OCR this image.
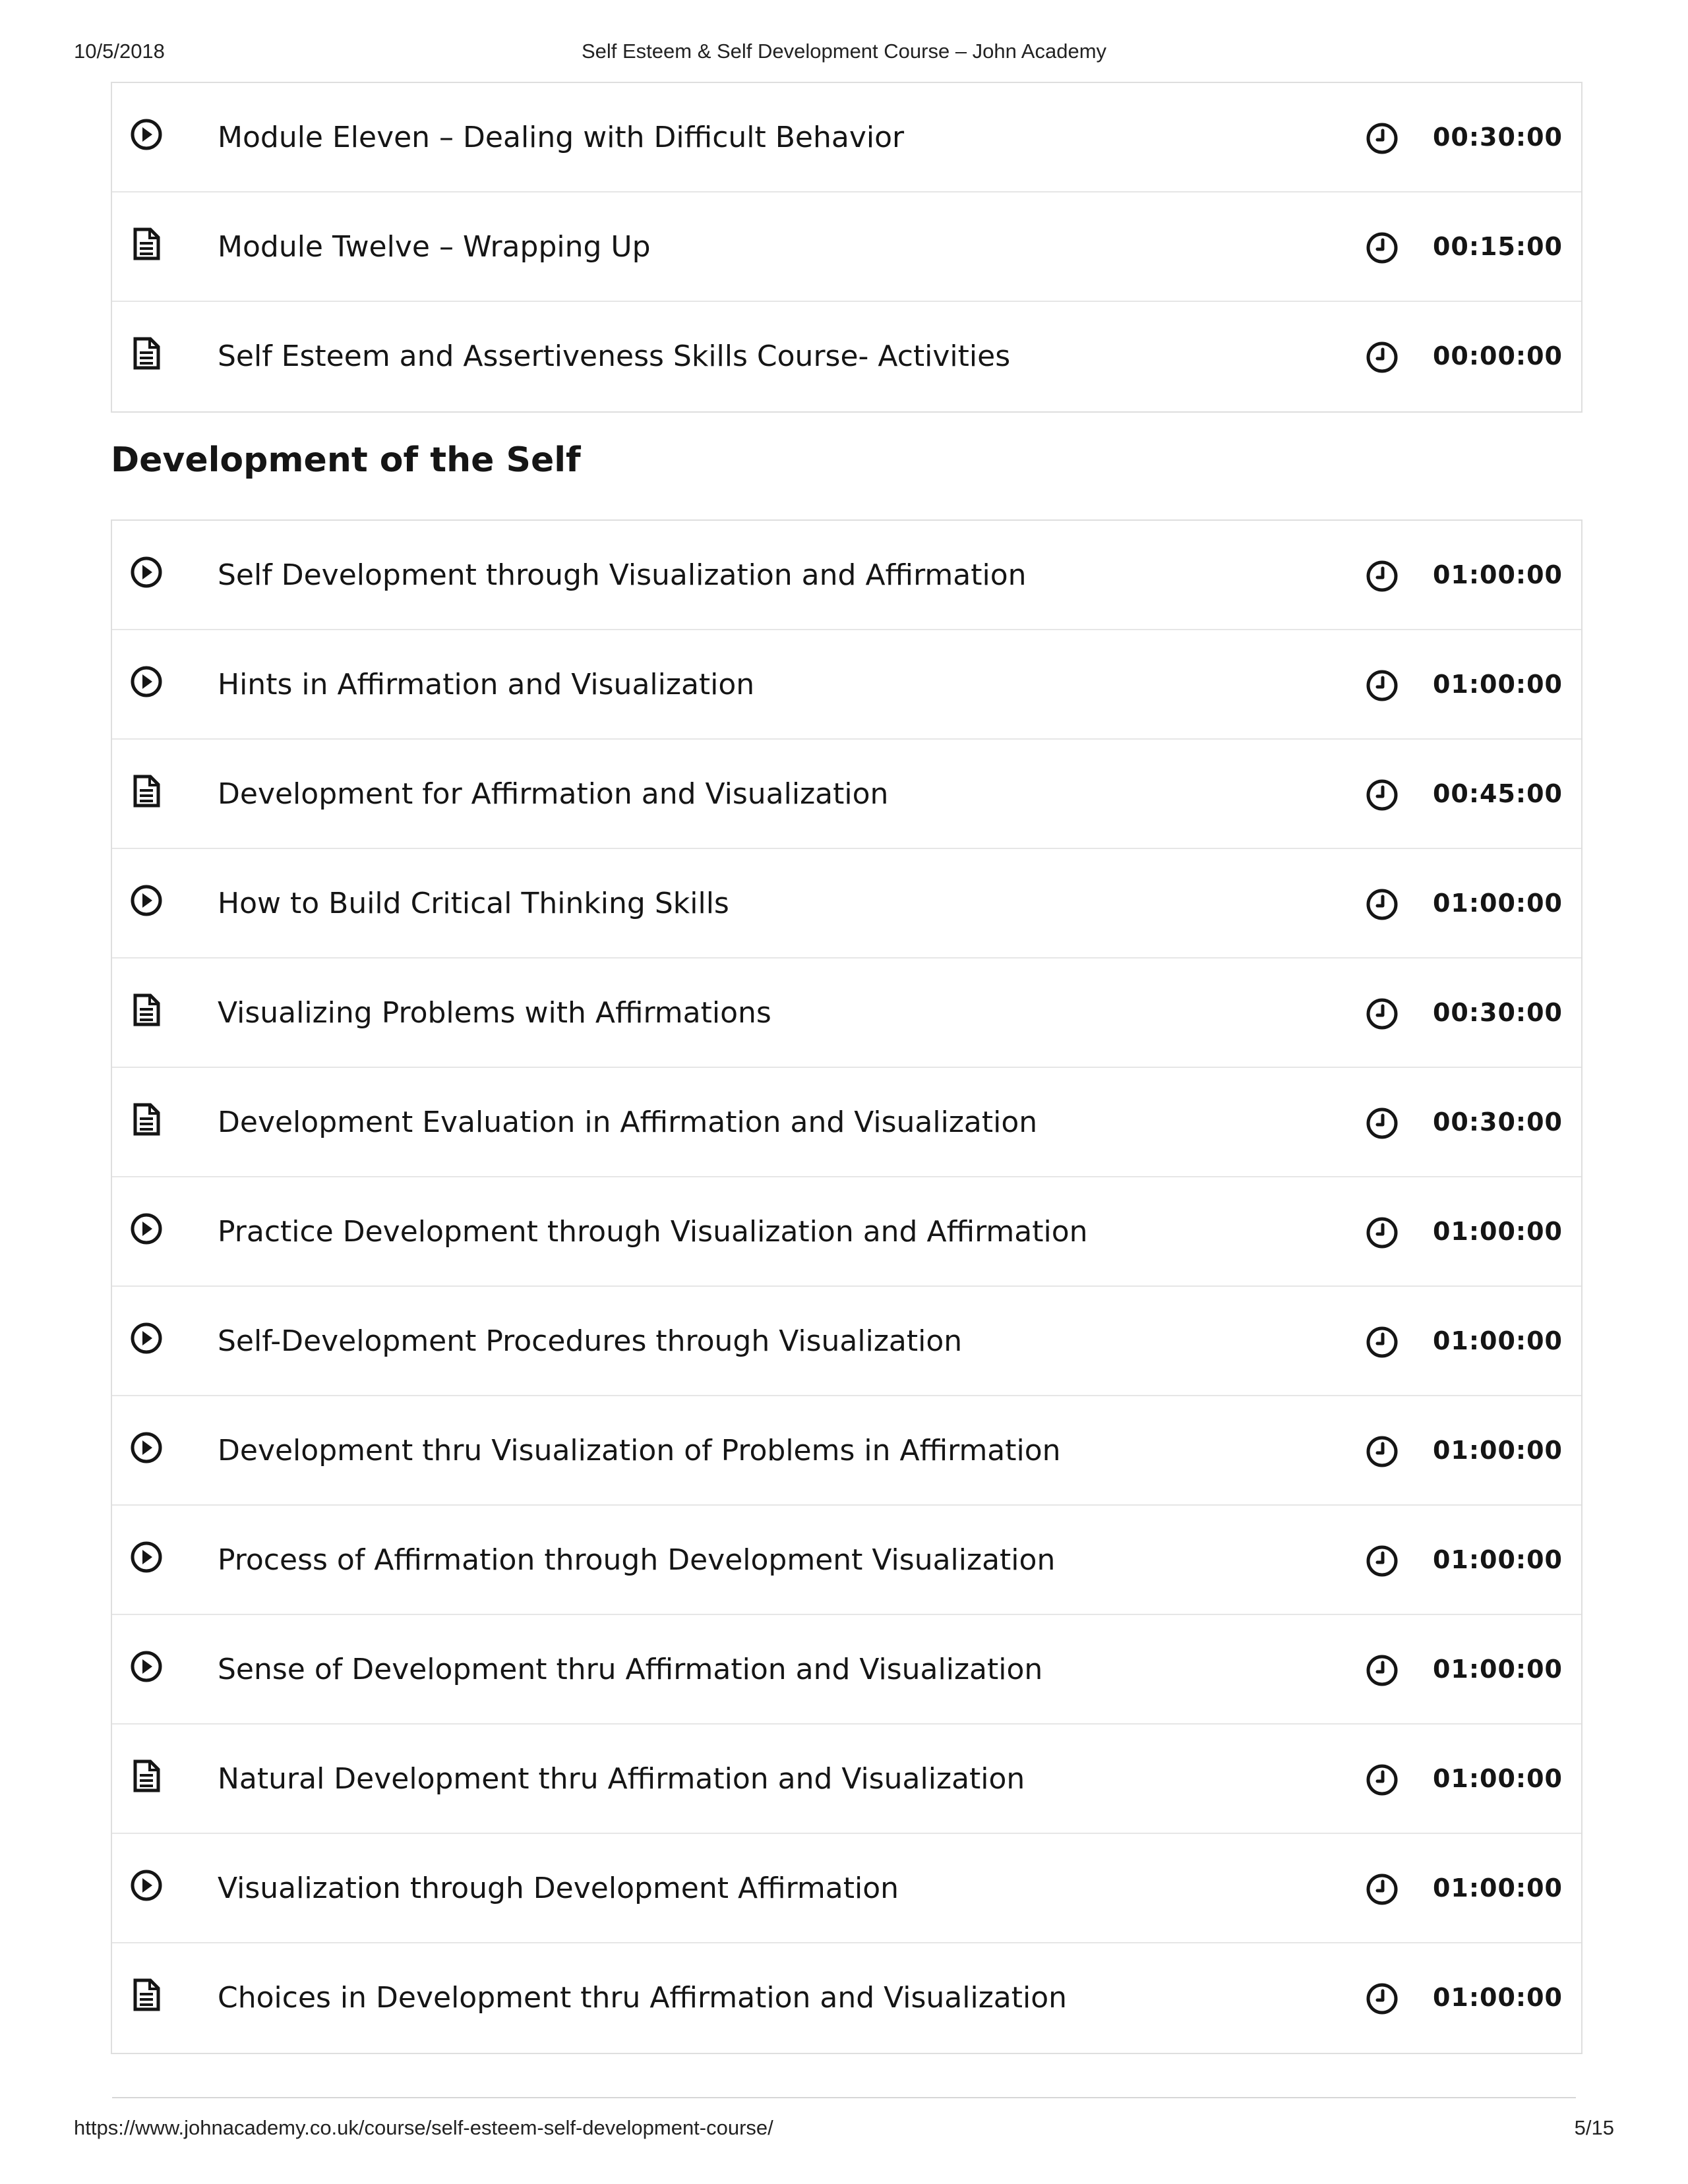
10/5/2018	Self Esteem & Self Development Course – John Academy
Module Eleven – Dealing with Difficult Behavior	00:30:00
Module Twelve – Wrapping Up	00:15:00
Self Esteem and Assertiveness Skills Course- Activities	00:00:00
Development of the Self
Self Development through Visualization and Affirmation	01:00:00
Hints in Affirmation and Visualization	01:00:00
Development for Affirmation and Visualization	00:45:00
How to Build Critical Thinking Skills	01:00:00
Visualizing Problems with Affirmations	00:30:00
Development Evaluation in Affirmation and Visualization	00:30:00
Practice Development through Visualization and Affirmation	01:00:00
Self-Development Procedures through Visualization	01:00:00
Development thru Visualization of Problems in Affirmation	01:00:00
Process of Affirmation through Development Visualization	01:00:00
Sense of Development thru Affirmation and Visualization	01:00:00
Natural Development thru Affirmation and Visualization	01:00:00
Visualization through Development Affirmation	01:00:00
Choices in Development thru Affirmation and Visualization	01:00:00
https://www.johnacademy.co.uk/course/self-esteem-self-development-course/	5/15
